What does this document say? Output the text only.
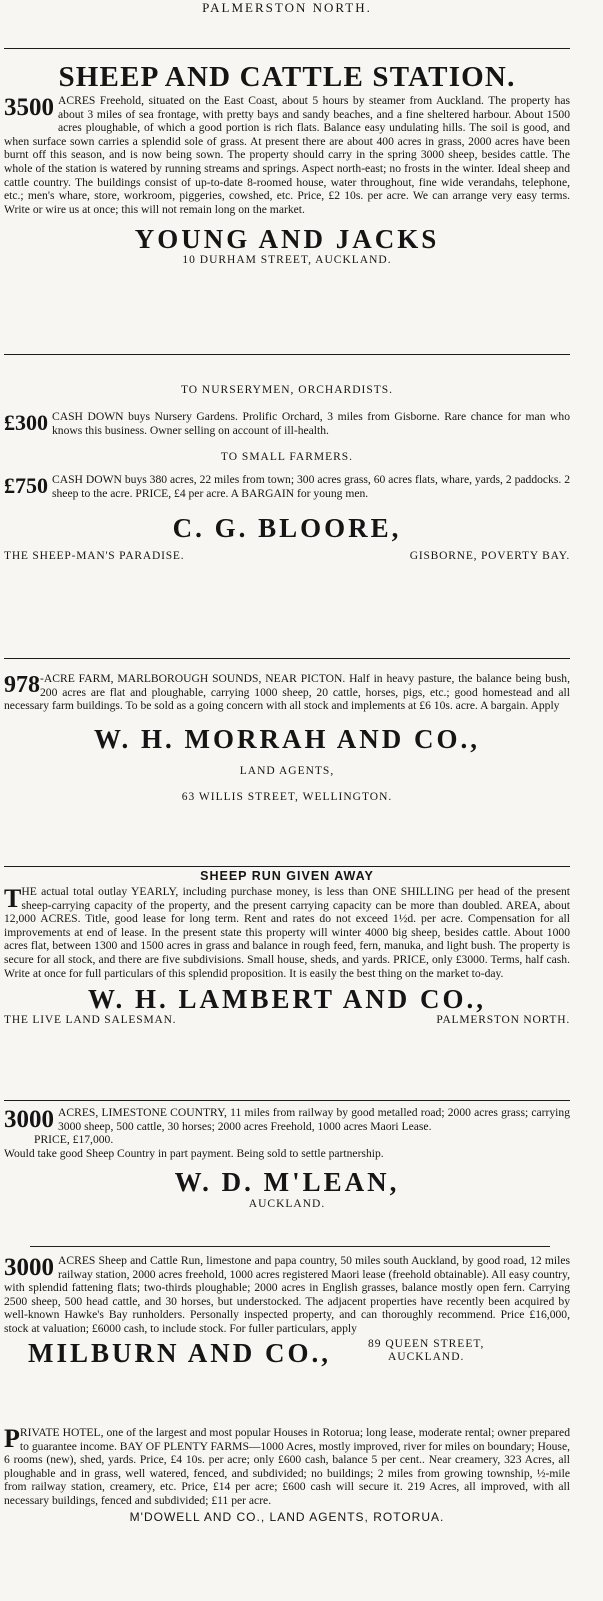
PALMERSTON NORTH.
SHEEP AND CATTLE STATION.
3500 ACRES Freehold, situated on the East Coast, about 5 hours by steamer from Auckland. The property has about 3 miles of sea frontage, with pretty bays and sandy beaches, and a fine sheltered harbour. About 1500 acres ploughable, of which a good portion is rich flats. Balance easy undulating hills. The soil is good, and when surface sown carries a splendid sole of grass. At present there are about 400 acres in grass, 2000 acres have been burnt off this season, and is now being sown. The property should carry in the spring 3000 sheep, besides cattle. The whole of the station is watered by running streams and springs. Aspect north-east; no frosts in the winter. Ideal sheep and cattle country. The buildings consist of up-to-date 8-roomed house, water throughout, fine wide verandahs, telephone, etc.; men's whare, store, workroom, piggeries, cowshed, etc. Price, £2 10s. per acre. We can arrange very easy terms. Write or wire us at once; this will not remain long on the market.
YOUNG AND JACKS
10 DURHAM STREET, AUCKLAND.
TO NURSERYMEN, ORCHARDISTS.
£300 CASH DOWN buys Nursery Gardens. Prolific Orchard, 3 miles from Gisborne. Rare chance for man who knows this business. Owner selling on account of ill-health.
TO SMALL FARMERS.
£750 CASH DOWN buys 380 acres, 22 miles from town; 300 acres grass, 60 acres flats, whare, yards, 2 paddocks. 2 sheep to the acre. PRICE, £4 per acre. A BARGAIN for young men.
C. G. BLOORE,
THE SHEEP-MAN'S PARADISE.	GISBORNE, POVERTY BAY.
978 -ACRE FARM, MARLBOROUGH SOUNDS, NEAR PICTON. Half in heavy pasture, the balance being bush, 200 acres are flat and ploughable, carrying 1000 sheep, 20 cattle, horses, pigs, etc.; good homestead and all necessary farm buildings. To be sold as a going concern with all stock and implements at £6 10s. acre. A bargain. Apply
W. H. MORRAH AND CO.,
LAND AGENTS,
63 WILLIS STREET, WELLINGTON.
SHEEP RUN GIVEN AWAY
T HE actual total outlay YEARLY, including purchase money, is less than ONE SHILLING per head of the present sheep-carrying capacity of the property, and the present carrying capacity can be more than doubled. AREA, about 12,000 ACRES. Title, good lease for long term. Rent and rates do not exceed 1½d. per acre. Compensation for all improvements at end of lease. In the present state this property will winter 4000 big sheep, besides cattle. About 1000 acres flat, between 1300 and 1500 acres in grass and balance in rough feed, fern, manuka, and light bush. The property is secure for all stock, and there are five subdivisions. Small house, sheds, and yards. PRICE, only £3000. Terms, half cash. Write at once for full particulars of this splendid proposition. It is easily the best thing on the market to-day.
W. H. LAMBERT AND CO.,
THE LIVE LAND SALESMAN.	PALMERSTON NORTH.
3000 ACRES, LIMESTONE COUNTRY, 11 miles from railway by good metalled road; 2000 acres grass; carrying 3000 sheep, 500 cattle, 30 horses; 2000 acres Freehold, 1000 acres Maori Lease.
PRICE, £17,000.
Would take good Sheep Country in part payment. Being sold to settle partnership.
W. D. M'LEAN,
AUCKLAND.
3000 ACRES Sheep and Cattle Run, limestone and papa country, 50 miles south Auckland, by good road, 12 miles railway station, 2000 acres freehold, 1000 acres registered Maori lease (freehold obtainable). All easy country, with splendid fattening flats; two-thirds ploughable; 2000 acres in English grasses, balance mostly open fern. Carrying 2500 sheep, 500 head cattle, and 30 horses, but understocked. The adjacent properties have recently been acquired by well-known Hawke's Bay runholders. Personally inspected property, and can thoroughly recommend. Price £16,000, stock at valuation; £6000 cash, to include stock. For fuller particulars, apply
MILBURN AND CO.,	89 QUEEN STREET,
AUCKLAND.
P RIVATE HOTEL, one of the largest and most popular Houses in Rotorua; long lease, moderate rental; owner prepared to guarantee income. BAY OF PLENTY FARMS—1000 Acres, mostly improved, river for miles on boundary; House, 6 rooms (new), shed, yards. Price, £4 10s. per acre; only £600 cash, balance 5 per cent.. Near creamery, 323 Acres, all ploughable and in grass, well watered, fenced, and subdivided; no buildings; 2 miles from growing township, ½-mile from railway station, creamery, etc. Price, £14 per acre; £600 cash will secure it. 219 Acres, all improved, with all necessary buildings, fenced and subdivided; £11 per acre.
M'DOWELL AND CO., LAND AGENTS, ROTORUA.
